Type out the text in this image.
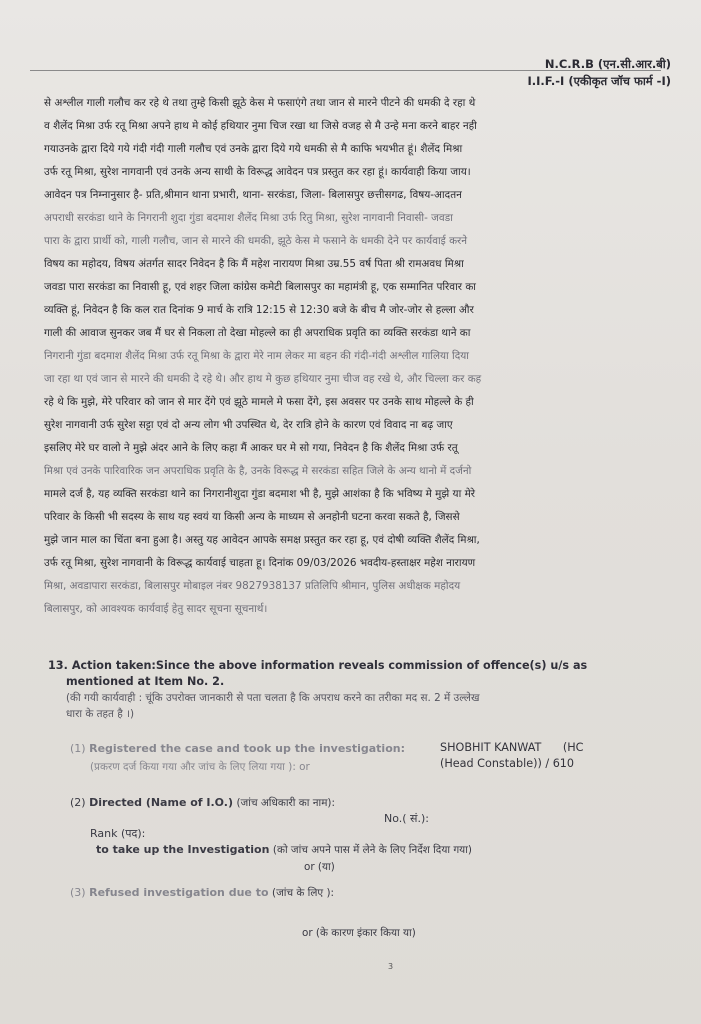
N.C.R.B (एन.सी.आर.बी)
I.I.F.-I (एकीकृत जॉच फार्म -I)
से अश्लील गाली गलौच कर रहे थे तथा तुम्हे किसी झूठे केस मे फसाएंगे तथा जान से मारने पीटने की धमकी दे रहा थे
व शैलेंद मिश्रा उर्फ रतू मिश्रा अपने हाथ मे कोई हथियार नुमा चिज रखा था जिसे वजह से मै उन्हे मना करने बाहर नही
गयाउनके द्वारा दिये गये गंदी गंदी गाली गलौच एवं उनके द्वारा दिये गये धमकी से मै काफि भयभीत हूं। शैलेंद मिश्रा
उर्फ रतू मिश्रा, सुरेश नागवानी एवं उनके अन्य साथी के विरूद्ध आवेदन पत्र प्रस्तुत कर रहा हूं। कार्यवाही किया जाय।
आवेदन पत्र निम्नानुसार है- प्रति,श्रीमान थाना प्रभारी, थाना- सरकंडा, जिला- बिलासपुर छत्तीसगढ, विषय-आदतन
अपराधी सरकंडा थाने के निगरानी शुदा गुंडा बदमाश शैलेंद मिश्रा उर्फ रितु मिश्रा, सुरेश नागवानी निवासी- जवडा
पारा के द्वारा प्रार्थी को, गाली गलौच, जान से मारने की धमकी, झूठे केस मे फसाने के धमकी देने पर कार्यवाई करने
विषय का महोदय, विषय अंतर्गत सादर निवेदन है कि मैं महेश नारायण मिश्रा उम्र.55 वर्ष पिता श्री रामअवध मिश्रा
जवडा पारा सरकंडा का निवासी हू, एवं शहर जिला कांग्रेस कमेटी बिलासपुर का महामंत्री हू, एक सम्मानित परिवार का
व्यक्ति हूं, निवेदन है कि कल रात दिनांक 9 मार्च के रात्रि 12:15 से 12:30 बजे के बीच मै जोर-जोर से हल्ला और
गाली की आवाज सुनकर जब मैं घर से निकला तो देखा मोहल्ले का ही अपराधिक प्रवृति का व्यक्ति सरकंडा थाने का
निगरानी गुंडा बदमाश शैलेंद मिश्रा उर्फ रतू मिश्रा के द्वारा मेरे नाम लेकर मा बहन की गंदी-गंदी अश्लील गालिया दिया
जा रहा था एवं जान से मारने की धमकी दे रहे थे। और हाथ मे कुछ हथियार नुमा चीज वह रखे थे, और चिल्ला कर कह
रहे थे कि मुझे, मेरे परिवार को जान से मार देंगे एवं झूठे मामले मे फसा देंगे, इस अवसर पर उनके साथ मोहल्ले के ही
सुरेश नागवानी उर्फ सुरेश सट्टा एवं दो अन्य लोग भी उपस्थित थे, देर रात्रि होने के कारण एवं विवाद ना बढ़ जाए
इसलिए मेरे घर वालो ने मुझे अंदर आने के लिए कहा मैं आकर घर मे सो गया, निवेदन है कि शैलेंद मिश्रा उर्फ रतू
मिश्रा एवं उनके पारिवारिक जन अपराधिक प्रवृति के है, उनके विरूद्ध मे सरकंडा सहित जिले के अन्य थानो में दर्जनो
मामले दर्ज है, यह व्यक्ति सरकंडा थाने का निगरानीशुदा गुंडा बदमाश भी है, मुझे आशंका है कि भविष्य मे मुझे या मेरे
परिवार के किसी भी सदस्य के साथ यह स्वयं या किसी अन्य के माध्यम से अनहोनी घटना करवा सकते है, जिससे
मुझे जान माल का चिंता बना हुआ है। अस्तु यह आवेदन आपके समक्ष प्रस्तुत कर रहा हू, एवं दोषी व्यक्ति शैलेंद मिश्रा,
उर्फ रतू मिश्रा, सुरेश नागवानी के विरूद्ध कार्यवाई चाहता हू। दिनांक 09/03/2026 भवदीय-हस्ताक्षर महेश नारायण
मिश्रा, अवडापारा सरकंडा, बिलासपुर मोबाइल नंबर 9827938137 प्रतिलिपि श्रीमान, पुलिस अधीक्षक महोदय
बिलासपुर, को आवश्यक कार्यवाई हेतु सादर सूचना सूचनार्थ।
13. Action taken:Since the above information reveals commission of offence(s) u/s as
mentioned at Item No. 2.
(की गयी कार्यवाही : चूंकि उपरोक्त जानकारी से पता चलता है कि अपराध करने का तरीका मद स. 2 में उल्लेख
धारा के तहत है ।)
(1) Registered the case and took up the investigation:
(प्रकरण दर्ज किया गया और जांच के लिए लिया गया ): or
SHOBHIT KANWAT (HC
(Head Constable)) / 610
(2) Directed (Name of I.O.) (जांच अधिकारी का नाम):
No.( सं.):
Rank (पद):
to take up the Investigation (को जांच अपने पास में लेने के लिए निर्देश दिया गया)
or (या)
(3) Refused investigation due to (जांच के लिए ):
or (के कारण इंकार किया या)
3
